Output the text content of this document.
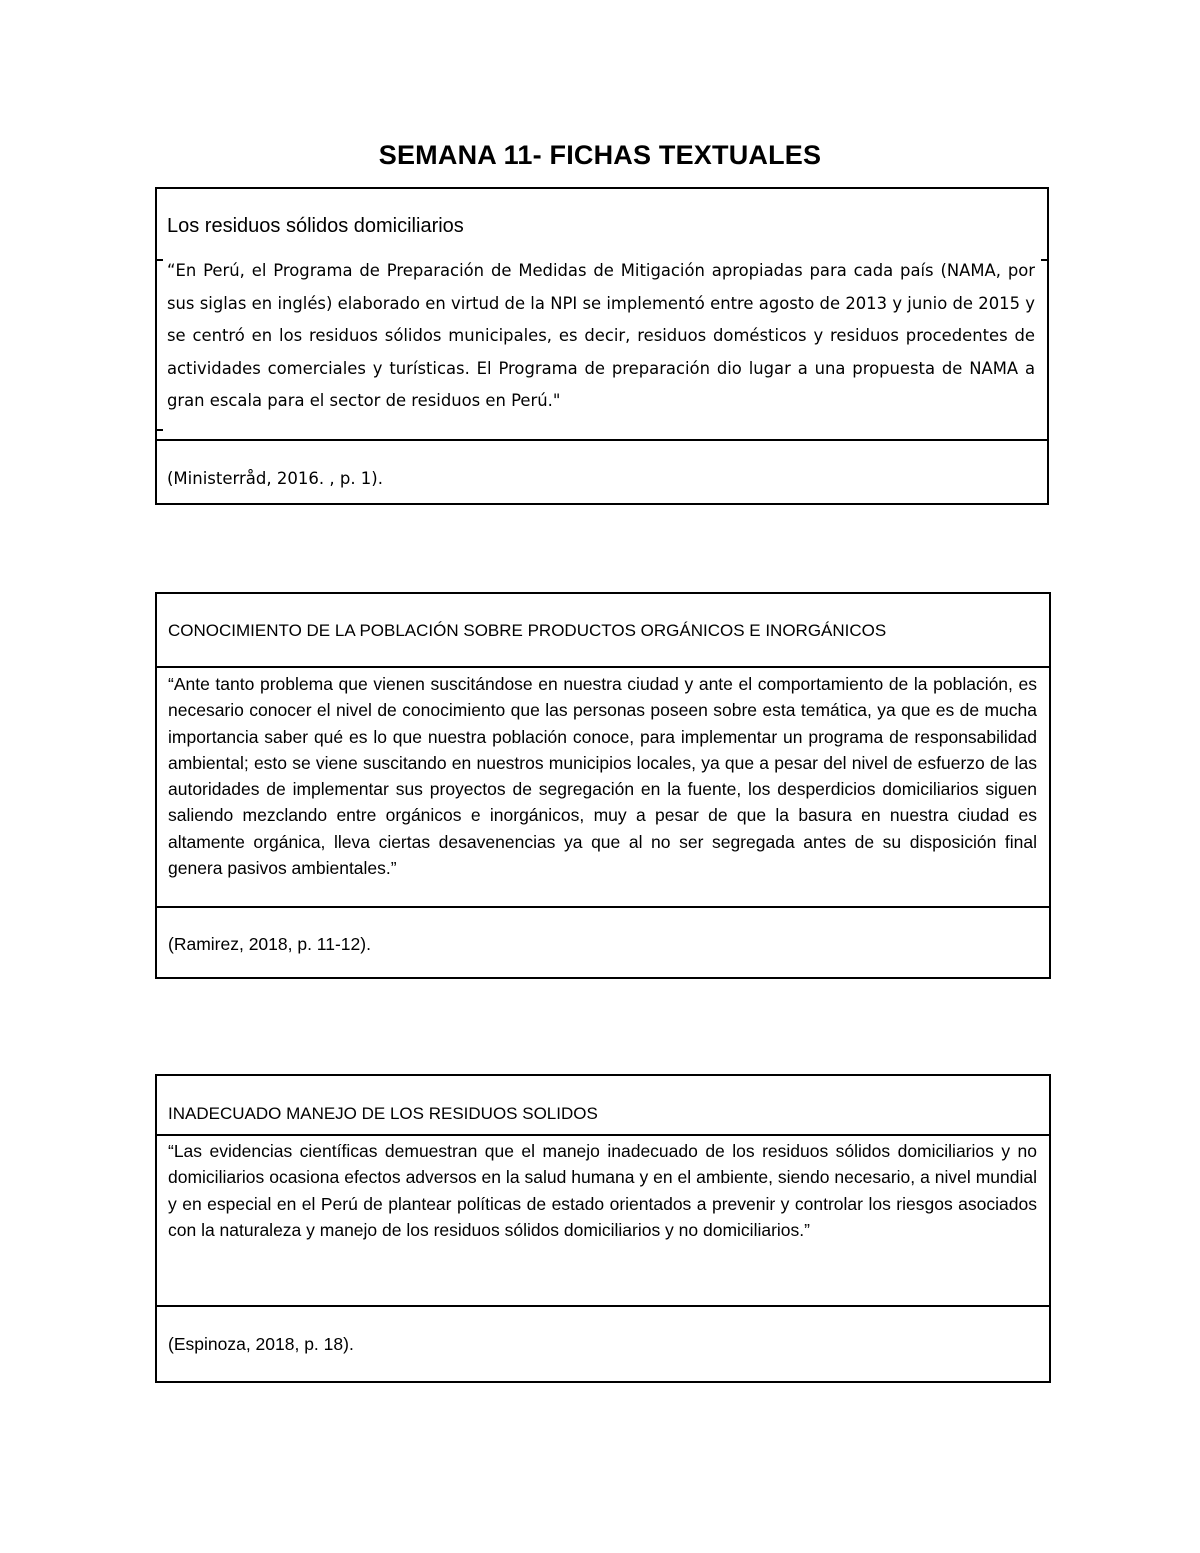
SEMANA 11- FICHAS TEXTUALES
Los residuos sólidos domiciliarios
“En Perú, el Programa de Preparación de Medidas de Mitigación apropiadas para cada país (NAMA, por sus siglas en inglés) elaborado en virtud de la NPI se implementó entre agosto de 2013 y junio de 2015 y se centró en los residuos sólidos municipales, es decir, residuos domésticos y residuos procedentes de actividades comerciales y turísticas. El Programa de preparación dio lugar a una propuesta de NAMA a gran escala para el sector de residuos en Perú."
(Ministerråd, 2016. , p. 1).
CONOCIMIENTO DE LA POBLACIÓN SOBRE PRODUCTOS ORGÁNICOS E INORGÁNICOS
“Ante tanto problema que vienen suscitándose en nuestra ciudad y ante el comportamiento de la población, es necesario conocer el nivel de conocimiento que las personas poseen sobre esta temática, ya que es de mucha importancia saber qué es lo que nuestra población conoce, para implementar un programa de responsabilidad ambiental; esto se viene suscitando en nuestros municipios locales, ya que a pesar del nivel de esfuerzo de las autoridades de implementar sus proyectos de segregación en la fuente, los desperdicios domiciliarios siguen saliendo mezclando entre orgánicos e inorgánicos, muy a pesar de que la basura en nuestra ciudad es altamente orgánica, lleva ciertas desavenencias ya que al no ser segregada antes de su disposición final genera pasivos ambientales.”
(Ramirez, 2018, p. 11-12).
INADECUADO MANEJO DE LOS RESIDUOS SOLIDOS
“Las evidencias científicas demuestran que el manejo inadecuado de los residuos sólidos domiciliarios y no domiciliarios ocasiona efectos adversos en la salud humana y en el ambiente, siendo necesario, a nivel mundial y en especial en el Perú de plantear políticas de estado orientados a prevenir y controlar los riesgos asociados con la naturaleza y manejo de los residuos sólidos domiciliarios y no domiciliarios.”
(Espinoza, 2018, p. 18).
